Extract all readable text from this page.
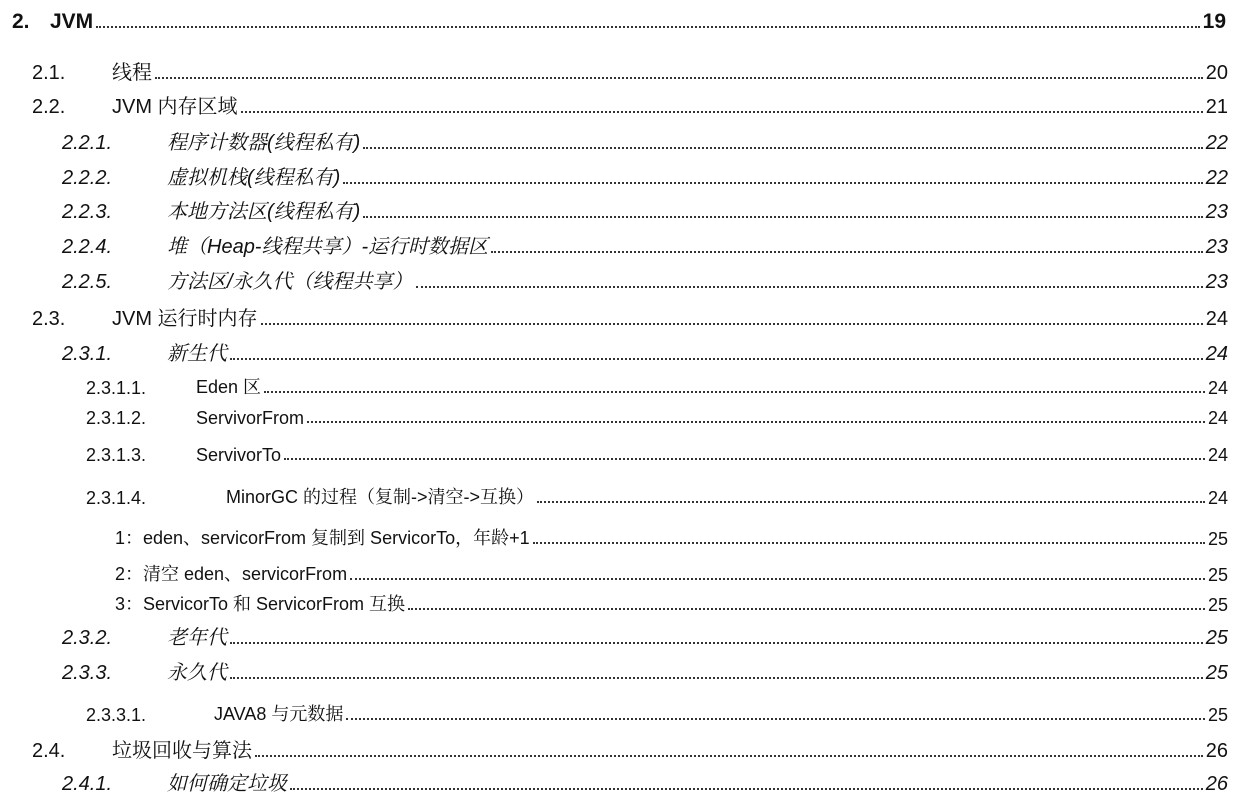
2. JVM	19
2.1.	线程	20
2.2.	JVM 内存区域	21
2.2.1.	程序计数器(线程私有)	22
2.2.2.	虚拟机栈(线程私有)	22
2.2.3.	本地方法区(线程私有)	23
2.2.4.	堆（Heap-线程共享）-运行时数据区	23
2.2.5.	方法区/永久代（线程共享）	23
2.3.	JVM 运行时内存	24
2.3.1.	新生代	24
2.3.1.1.	Eden 区	24
2.3.1.2.	ServivorFrom	24
2.3.1.3.	ServivorTo	24
2.3.1.4.	MinorGC 的过程（复制->清空->互换）	24
1：eden、servicorFrom 复制到 ServicorTo，年龄+1	25
2：清空 eden、servicorFrom	25
3：ServicorTo 和 ServicorFrom 互换	25
2.3.2.	老年代	25
2.3.3.	永久代	25
2.3.3.1.	JAVA8 与元数据	25
2.4.	垃圾回收与算法	26
2.4.1.	如何确定垃圾	26
